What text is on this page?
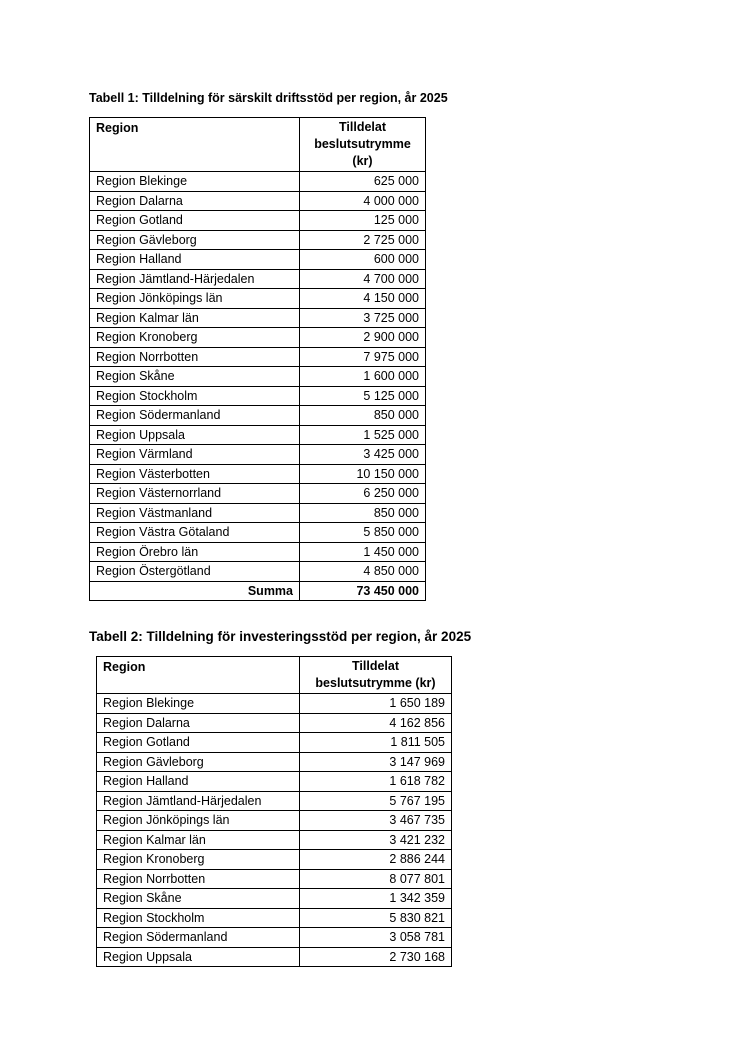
Tabell 1: Tilldelning för särskilt driftsstöd per region, år 2025

Region	Tilldelat
beslutsutrymme
(kr)

Region Blekinge	625 000
Region Dalarna	4 000 000
Region Gotland	125 000
Region Gävleborg	2 725 000
Region Halland	600 000
Region Jämtland-Härjedalen	4 700 000
Region Jönköpings län	4 150 000
Region Kalmar län	3 725 000
Region Kronoberg	2 900 000
Region Norrbotten	7 975 000
Region Skåne	1 600 000
Region Stockholm	5 125 000
Region Södermanland	850 000
Region Uppsala	1 525 000
Region Värmland	3 425 000
Region Västerbotten	10 150 000
Region Västernorrland	6 250 000
Region Västmanland	850 000
Region Västra Götaland	5 850 000
Region Örebro län	1 450 000
Region Östergötland	4 850 000
Summa	73 450 000

Tabell 2: Tilldelning för investeringsstöd per region, år 2025

Region	Tilldelat
beslutsutrymme (kr)

Region Blekinge	1 650 189
Region Dalarna	4 162 856
Region Gotland	1 811 505
Region Gävleborg	3 147 969
Region Halland	1 618 782
Region Jämtland-Härjedalen	5 767 195
Region Jönköpings län	3 467 735
Region Kalmar län	3 421 232
Region Kronoberg	2 886 244
Region Norrbotten	8 077 801
Region Skåne	1 342 359
Region Stockholm	5 830 821
Region Södermanland	3 058 781
Region Uppsala	2 730 168
